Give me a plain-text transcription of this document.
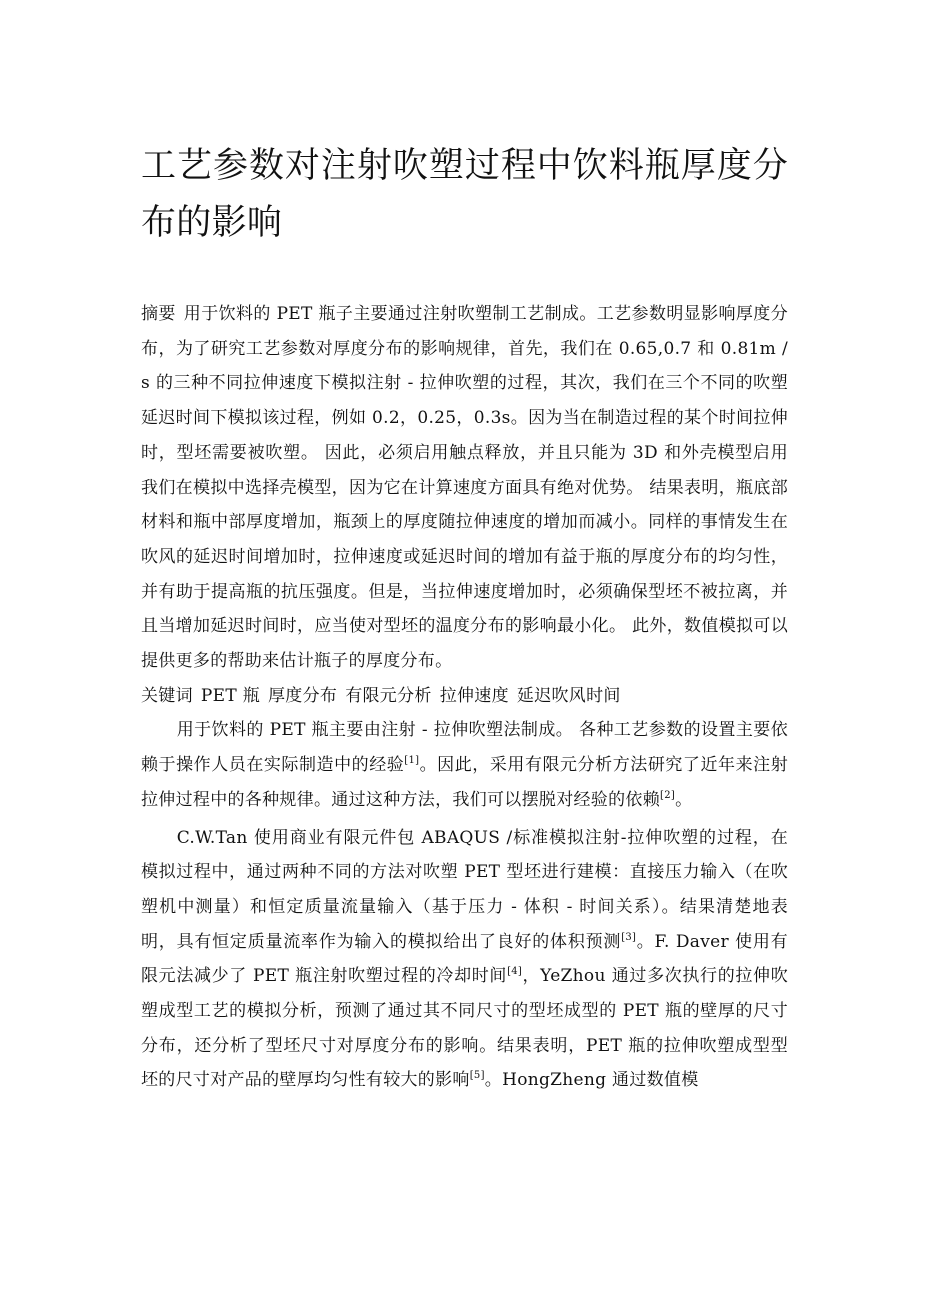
工艺参数对注射吹塑过程中饮料瓶厚度分布的影响

摘要 用于饮料的 PET 瓶子主要通过注射吹塑制工艺制成。工艺参数明显影响厚度分布，为了研究工艺参数对厚度分布的影响规律，首先，我们在 0.65,0.7 和 0.81m / s 的三种不同拉伸速度下模拟注射 - 拉伸吹塑的过程，其次，我们在三个不同的吹塑延迟时间下模拟该过程，例如 0.2，0.25，0.3s。因为当在制造过程的某个时间拉伸时，型坯需要被吹塑。 因此，必须启用触点释放，并且只能为 3D 和外壳模型启用我们在模拟中选择壳模型，因为它在计算速度方面具有绝对优势。 结果表明，瓶底部材料和瓶中部厚度增加，瓶颈上的厚度随拉伸速度的增加而减小。同样的事情发生在吹风的延迟时间增加时，拉伸速度或延迟时间的增加有益于瓶的厚度分布的均匀性，并有助于提高瓶的抗压强度。但是，当拉伸速度增加时，必须确保型坯不被拉离，并且当增加延迟时间时，应当使对型坯的温度分布的影响最小化。 此外，数值模拟可以提供更多的帮助来估计瓶子的厚度分布。

关键词 PET 瓶 厚度分布 有限元分析 拉伸速度 延迟吹风时间

用于饮料的 PET 瓶主要由注射 - 拉伸吹塑法制成。 各种工艺参数的设置主要依赖于操作人员在实际制造中的经验[1]。因此，采用有限元分析方法研究了近年来注射拉伸过程中的各种规律。通过这种方法，我们可以摆脱对经验的依赖[2]。

C.W.Tan 使用商业有限元件包 ABAQUS /标准模拟注射-拉伸吹塑的过程，在模拟过程中，通过两种不同的方法对吹塑 PET 型坯进行建模：直接压力输入（在吹塑机中测量）和恒定质量流量输入（基于压力 - 体积 - 时间关系）。结果清楚地表明，具有恒定质量流率作为输入的模拟给出了良好的体积预测[3]。F. Daver 使用有限元法减少了 PET 瓶注射吹塑过程的冷却时间[4]，YeZhou 通过多次执行的拉伸吹塑成型工艺的模拟分析，预测了通过其不同尺寸的型坯成型的 PET 瓶的壁厚的尺寸分布，还分析了型坯尺寸对厚度分布的影响。结果表明，PET 瓶的拉伸吹塑成型型坯的尺寸对产品的壁厚均匀性有较大的影响[5]。HongZheng 通过数值模
